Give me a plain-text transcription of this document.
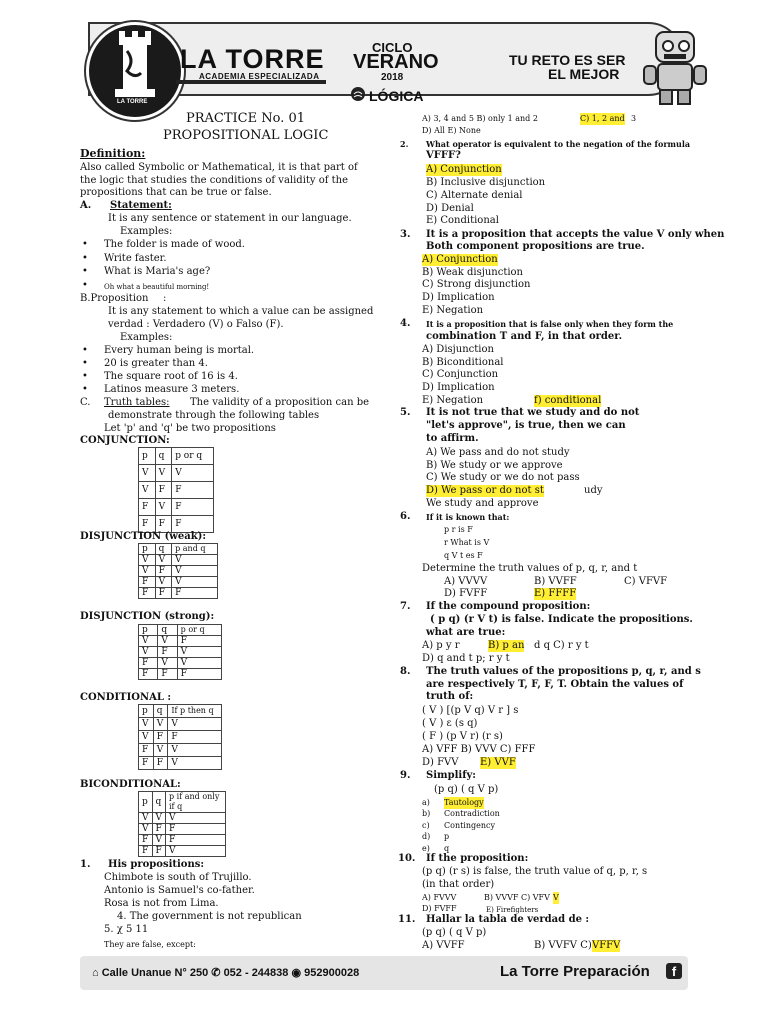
LA TORRE
LA TORRE
ACADEMIA ESPECIALIZADA
CICLO
VERANO
2018
TU RETO ES SER
EL MEJOR
LÓGICA
PRACTICE No. 01
PROPOSITIONAL LOGIC
Definition:
Also called Symbolic or Mathematical, it is that part of
the logic that studies the conditions of validity of the
propositions that can be true or false.
A. Statement:
It is any sentence or statement in our language.
Examples:
• The folder is made of wood.
• Write faster.
• What is Maria's age?
• Oh what a beautiful morning!
B.Proposition :
It is any statement to which a value can be assigned
verdad : Verdadero (V) o Falso (F).
Examples:
• Every human being is mortal.
• 20 is greater than 4.
• The square root of 16 is 4.
• Latinos measure 3 meters.
C. Truth tables: The validity of a proposition can be
demonstrate through the following tables
Let 'p' and 'q' be two propositions
CONJUNCTION:
p	q	p or q
V	V	V
V	F	F
F	V	F
F	F	F
DISJUNCTION (weak):
p	q	p and q
V	V	V
V	F	V
F	V	V
F	F	F
DISJUNCTION (strong):
p	q	p or q
V	V	F
V	F	V
F	V	V
F	F	F
CONDITIONAL :
p	q	If p then q
V	V	V
V	F	F
F	V	V
F	F	V
BICONDITIONAL:
p	q	p if and only if q
V	V	V
V	F	F
F	V	F
F	F	V
1. His propositions:
Chimbote is south of Trujillo.
Antonio is Samuel's co-father.
Rosa is not from Lima.
4. The government is not republican
5. χ 5 11
They are false, except:
A) 3, 4 and 5 B) only 1 and 2	C) 1, 2 and 3
D) All E) None
2. What operator is equivalent to the negation of the formula
VFFF?
A) Conjunction
B) Inclusive disjunction
C) Alternate denial
D) Denial
E) Conditional
3. It is a proposition that accepts the value V only when
Both component propositions are true.
A) Conjunction
B) Weak disjunction
C) Strong disjunction
D) Implication
E) Negation
4. It is a proposition that is false only when they form the
combination T and F, in that order.
A) Disjunction
B) Biconditional
C) Conjunction
D) Implication
E) Negation	f) conditional
5. It is not true that we study and do not
"let's approve", is true, then we can
to affirm.
A) We pass and do not study
B) We study or we approve
C) We study or we do not pass
D) We pass or do not st	udy
We study and approve
6. If it is known that:
p r is F
r What is V
q V t es F
Determine the truth values of p, q, r, and t
A) VVVV	B) VVFF	C) VFVF
D) FVFF	E) FFFF
7. If the compound proposition:
( p q) (r V t) is false. Indicate the propositions.
what are true:
A) p y r	B) p an d q C) r y t
D) q and t p; r y t
8. The truth values of the propositions p, q, r, and s
are respectively T, F, F, T. Obtain the values of
truth of:
( V ) [(p V q) V r ] s
( V ) ε (s q)
( F ) (p V r) (r s)
A) VFF B) VVV C) FFF
D) FVV E) VVF
9. Simplify:
(p q) ( q V p)
a) Tautology
b) Contradiction
c) Contingency
d) p
e) q
10. If the proposition:
(p q) (r s) is false, the truth value of q, p, r, s
(in that order)
A) FVVV	B) VVVF C) VFV V
D) FVFF	E) Firefighters
11. Hallar la tabla de verdad de :
(p q) ( q V p)
A) VVFF	B) VVFV C) VFFV
⌂ Calle Unanue N° 250 ✆ 052 - 244838 ◉ 952900028	La Torre Preparación	f
